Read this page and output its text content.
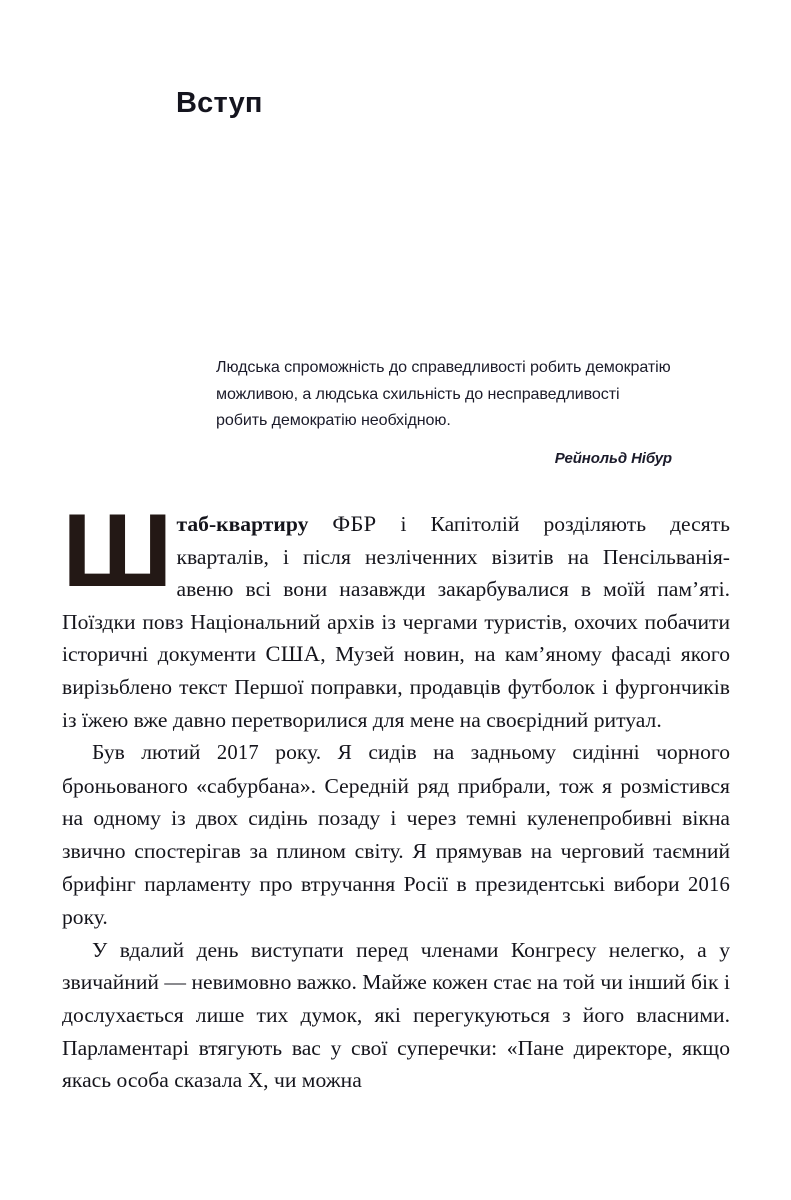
Вступ
Людська спроможність до справедливості робить демократію можливою, а людська схильність до несправедливості робить демократію необхідною.
Рейнольд Нібур

Штаб-квартиру ФБР і Капітолій розділяють десять кварталів, і після незліченних візитів на Пенсільванія-авеню всі вони назавжди закарбувалися в моїй пам’яті. Поїздки повз Національний архів із чергами туристів, охочих побачити історичні документи США, Музей новин, на кам’яному фасаді якого вирізьблено текст Першої поправки, продавців футболок і фургончиків із їжею вже давно перетворилися для мене на своєрідний ритуал.

Був лютий 2017 року. Я сидів на задньому сидінні чорного броньованого «сабурбана». Середній ряд прибрали, тож я розмістився на одному із двох сидінь позаду і через темні куленепробивні вікна звично спостерігав за плином світу. Я прямував на черговий таємний брифінг парламенту про втручання Росії в президентські вибори 2016 року.

У вдалий день виступати перед членами Конгресу нелегко, а у звичайний — невимовно важко. Майже кожен стає на той чи інший бік і дослухається лише тих думок, які перегукуються з його власними. Парламентарі втягують вас у свої суперечки: «Пане директоре, якщо якась особа сказала Х, чи можна
